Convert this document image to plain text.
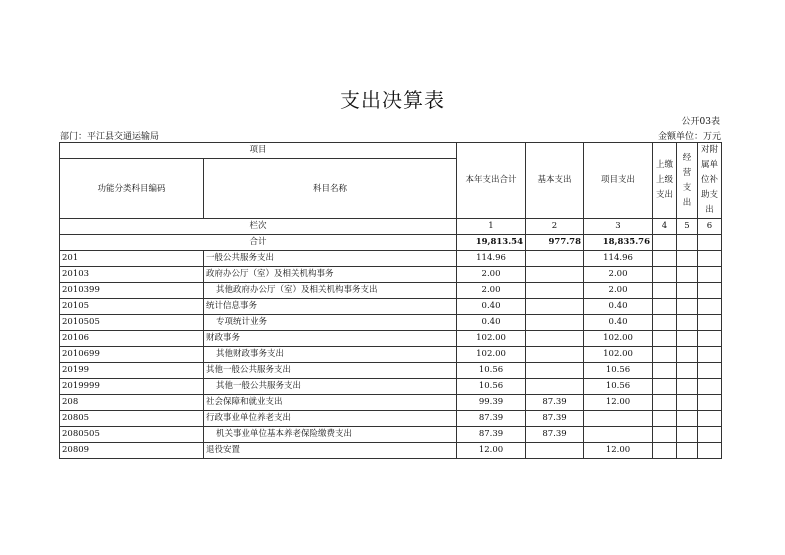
支出决算表
公开03表
部门：平江县交通运输局	金额单位：万元
项目		本年支出合计	基本支出	项目支出	上缴上级支出	经营支出	对附属单位补助支出
功能分类科目编码	科目名称						
栏次		1	2	3	4	5	6
合计		19,813.54	977.78	18,835.76			
201	一般公共服务支出	114.96		114.96			
20103	政府办公厅（室）及相关机构事务	2.00		2.00			
2010399	其他政府办公厅（室）及相关机构事务支出	2.00		2.00			
20105	统计信息事务	0.40		0.40			
2010505	专项统计业务	0.40		0.40			
20106	财政事务	102.00		102.00			
2010699	其他财政事务支出	102.00		102.00			
20199	其他一般公共服务支出	10.56		10.56			
2019999	其他一般公共服务支出	10.56		10.56			
208	社会保障和就业支出	99.39	87.39	12.00			
20805	行政事业单位养老支出	87.39	87.39				
2080505	机关事业单位基本养老保险缴费支出	87.39	87.39				
20809	退役安置	12.00		12.00			
